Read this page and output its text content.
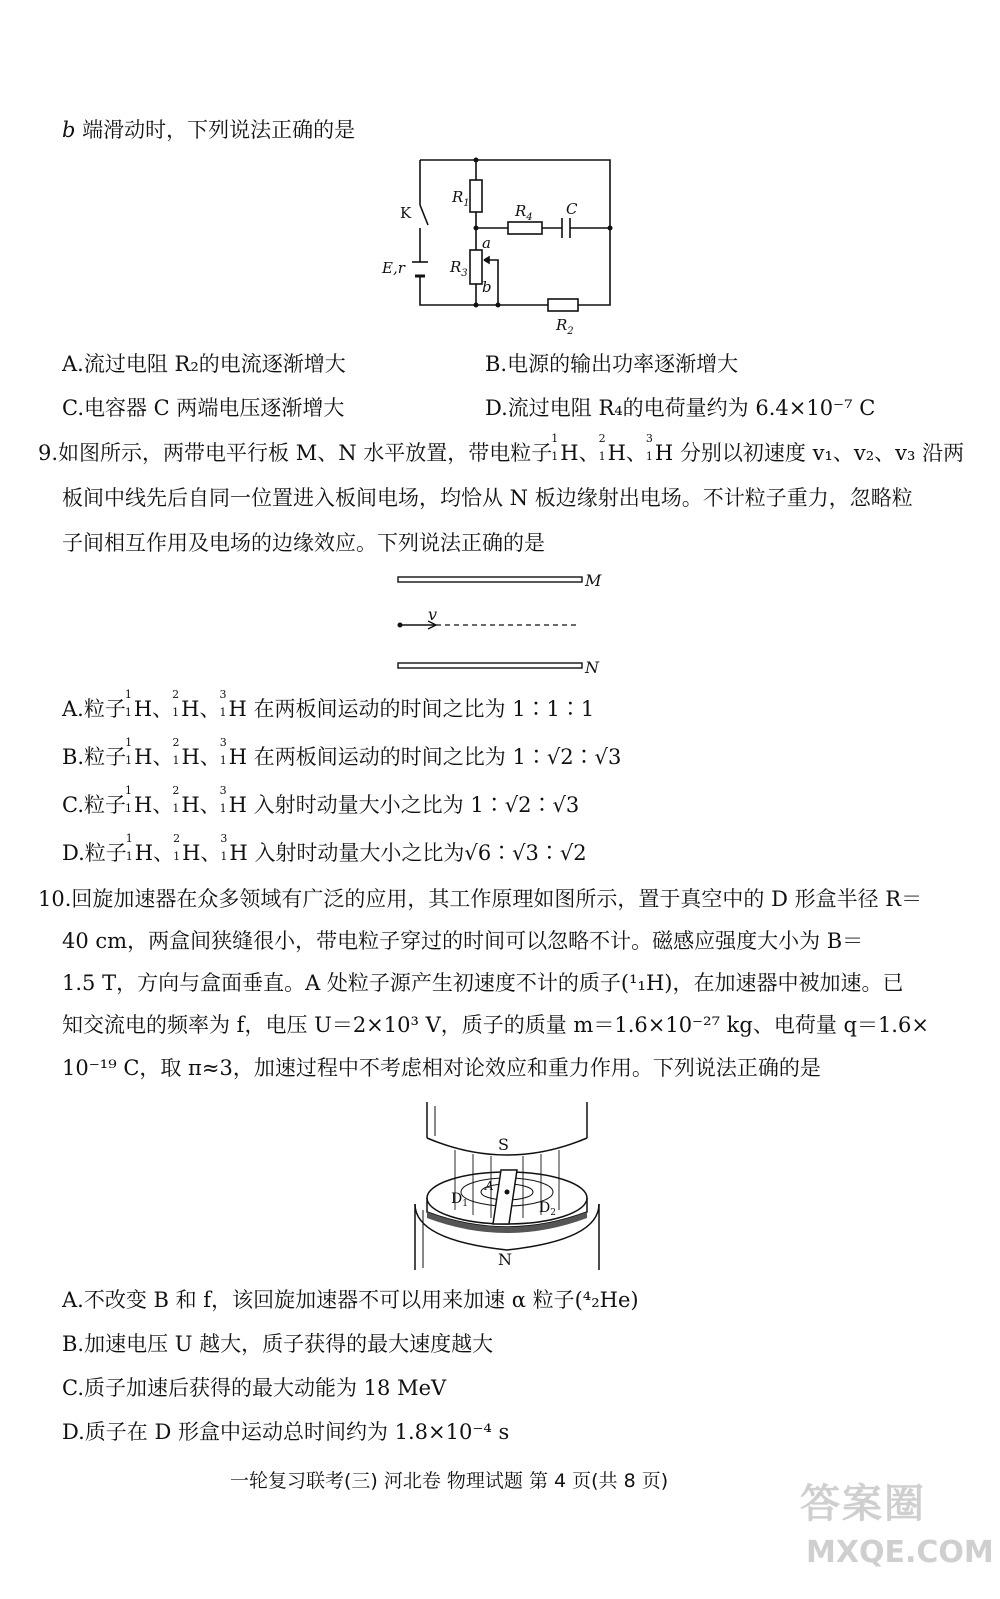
b 端滑动时，下列说法正确的是
K
$R_1$	$R_4$ C
a
$R_3$
b
E,r
$R_2$
A.流过电阻 R₂的电流逐渐增大	B.电源的输出功率逐渐增大
C.电容器 C 两端电压逐渐增大	D.流过电阻 R₄的电荷量约为 6.4×10⁻⁷ C
9.如图所示，两带电平行板 M、N 水平放置，带电粒子
1
1 H、
2
1 H、
3
1 H 分别以初速度 v₁、v₂、v₃ 沿两
板间中线先后自同一位置进入板间电场，均恰从 N 板边缘射出电场。不计粒子重力，忽略粒
子间相互作用及电场的边缘效应。下列说法正确的是
M
v
N
A.粒子
1
1 H、
2
1 H、
3
1 H 在两板间运动的时间之比为 1∶1∶1
B.粒子
1
1 H、
2
1 H、
3
1 H 在两板间运动的时间之比为 1∶√2∶√3
C.粒子
1
1 H、
2
1 H、
3
1 H 入射时动量大小之比为 1∶√2∶√3
D.粒子
1
1 H、
2
1 H、
3
1 H 入射时动量大小之比为√6∶√3∶√2
10.回旋加速器在众多领域有广泛的应用，其工作原理如图所示，置于真空中的 D 形盒半径 R＝
40 cm，两盒间狭缝很小，带电粒子穿过的时间可以忽略不计。磁感应强度大小为 B＝
1.5 T，方向与盒面垂直。A 处粒子源产生初速度不计的质子(¹₁H)，在加速器中被加速。已
知交流电的频率为 f，电压 U＝2×10³ V，质子的质量 m＝1.6×10⁻²⁷ kg、电荷量 q＝1.6×
10⁻¹⁹ C，取 π≈3，加速过程中不考虑相对论效应和重力作用。下列说法正确的是
S
N
$D_1$	$D_2$
A
A.不改变 B 和 f，该回旋加速器不可以用来加速 α 粒子(⁴₂He)
B.加速电压 U 越大，质子获得的最大速度越大
C.质子加速后获得的最大动能为 18 MeV
D.质子在 D 形盒中运动总时间约为 1.8×10⁻⁴ s
一轮复习联考(三) 河北卷 物理试题 第 4 页(共 8 页)	答案圈
MXQE.COM
